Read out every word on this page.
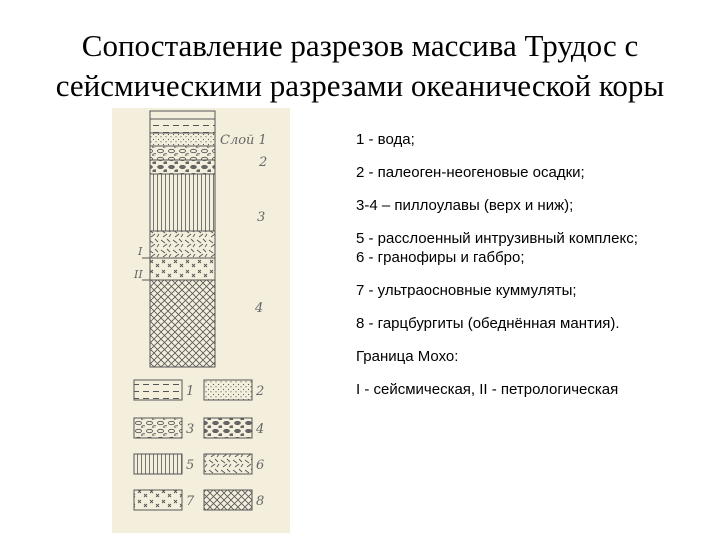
Сопоставление разрезов массива Трудос с
сейсмическими разрезами океанической коры
Слой 1
2
3
4
I
II
1	2
3	4
5	6
7	8
1 - вода;
2 - палеоген-неогеновые осадки;
3-4 – пиллоулавы (верх и ниж);
5 - расслоенный интрузивный комплекс;
6 - гранофиры и габбро;
7 - ультраосновные куммуляты;
8 - гарцбургиты (обеднённая мантия).
Граница Мохо:
I - сейсмическая, II - петрологическая
